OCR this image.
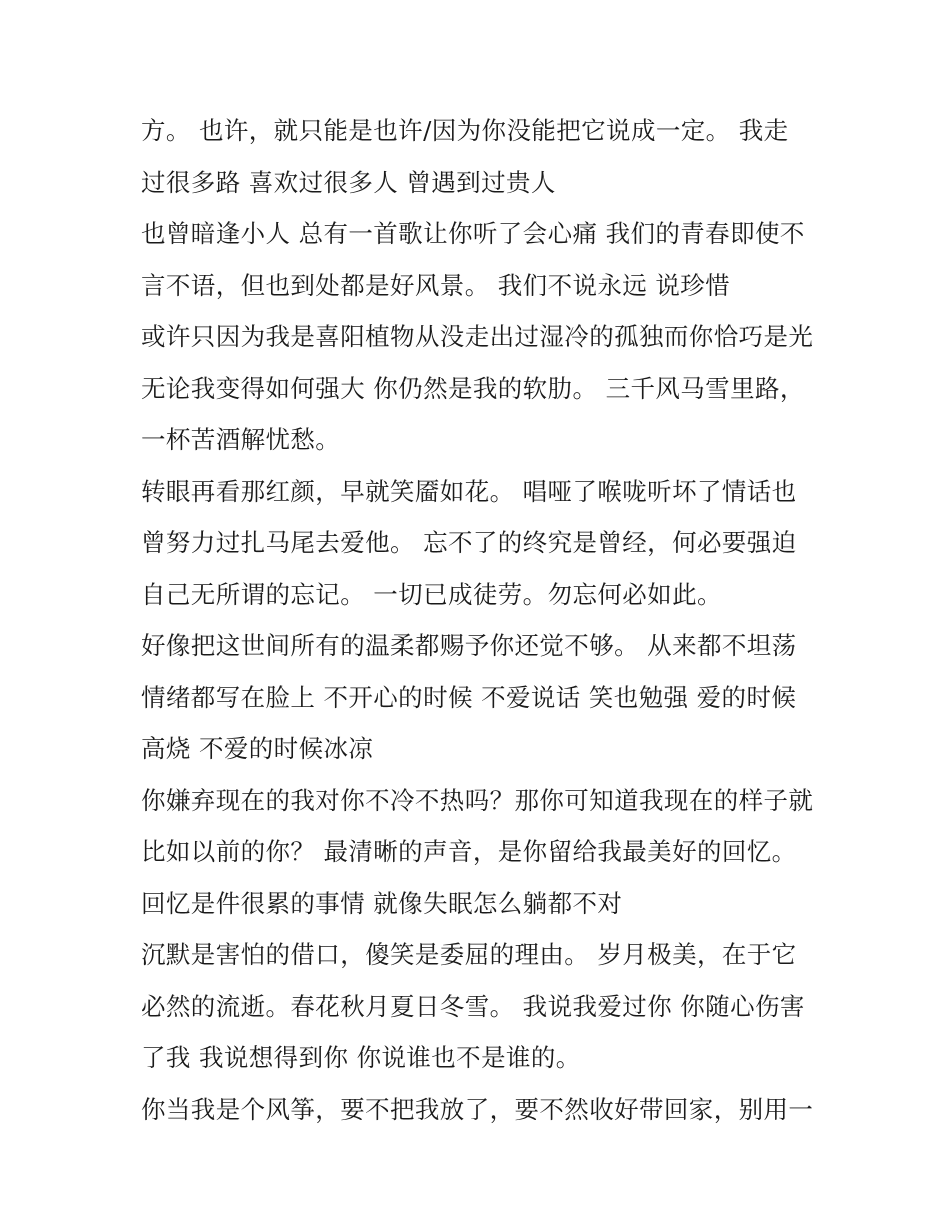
方。 也许，就只能是也许/因为你没能把它说成一定。 我走
过很多路 喜欢过很多人 曾遇到过贵人
也曾暗逢小人 总有一首歌让你听了会心痛 我们的青春即使不
言不语，但也到处都是好风景。 我们不说永远 说珍惜
或许只因为我是喜阳植物从没走出过湿冷的孤独而你恰巧是光
无论我变得如何强大 你仍然是我的软肋。 三千风马雪里路，
一杯苦酒解忧愁。
转眼再看那红颜，早就笑靥如花。 唱哑了喉咙听坏了情话也
曾努力过扎马尾去爱他。 忘不了的终究是曾经，何必要强迫
自己无所谓的忘记。 一切已成徒劳。勿忘何必如此。
好像把这世间所有的温柔都赐予你还觉不够。 从来都不坦荡
情绪都写在脸上 不开心的时候 不爱说话 笑也勉强 爱的时候
高烧 不爱的时候冰凉
你嫌弃现在的我对你不冷不热吗？那你可知道我现在的样子就
比如以前的你？ 最清晰的声音，是你留给我最美好的回忆。
回忆是件很累的事情 就像失眠怎么躺都不对
沉默是害怕的借口，傻笑是委屈的理由。 岁月极美，在于它
必然的流逝。春花秋月夏日冬雪。 我说我爱过你 你随心伤害
了我 我说想得到你 你说谁也不是谁的。
你当我是个风筝，要不把我放了，要不然收好带回家，别用一
